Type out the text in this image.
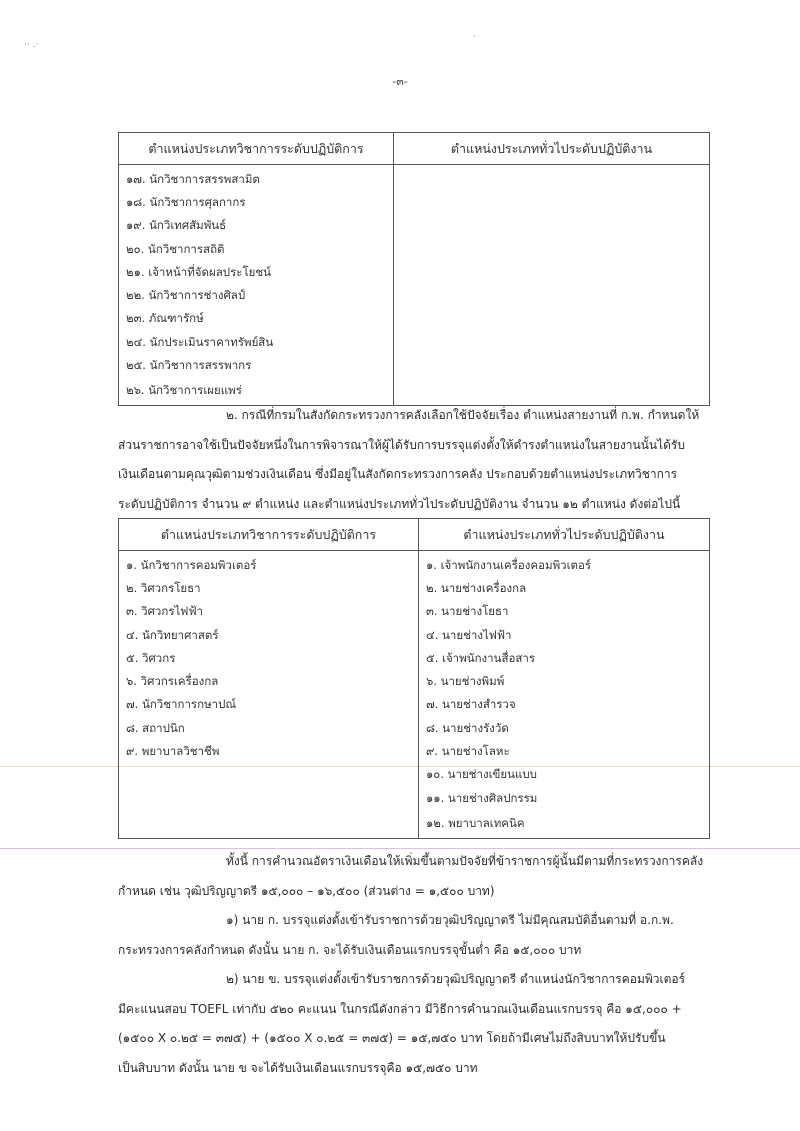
·· .·
·
-๓-
ตำแหน่งประเภทวิชาการระดับปฏิบัติการ	ตำแหน่งประเภททั่วไประดับปฏิบัติงาน
๑๗. นักวิชาการสรรพสามิต	
๑๘. นักวิชาการศุลกากร	
๑๙. นักวิเทศสัมพันธ์	
๒๐. นักวิชาการสถิติ	
๒๑. เจ้าหน้าที่จัดผลประโยชน์	
๒๒. นักวิชาการช่างศิลป์	
๒๓. ภัณฑารักษ์	
๒๔. นักประเมินราคาทรัพย์สิน	
๒๕. นักวิชาการสรรพากร	
๒๖. นักวิชาการเผยแพร่	

๒. กรณีที่กรมในสังกัดกระทรวงการคลังเลือกใช้ปัจจัยเรื่อง ตำแหน่งสายงานที่ ก.พ. กำหนดให้

ส่วนราชการอาจใช้เป็นปัจจัยหนึ่งในการพิจารณาให้ผู้ได้รับการบรรจุแต่งตั้งให้ดำรงตำแหน่งในสายงานนั้นได้รับ

เงินเดือนตามคุณวุฒิตามช่วงเงินเดือน ซึ่งมีอยู่ในสังกัดกระทรวงการคลัง ประกอบด้วยตำแหน่งประเภทวิชาการ

ระดับปฏิบัติการ จำนวน ๙ ตำแหน่ง และตำแหน่งประเภททั่วไประดับปฏิบัติงาน จำนวน ๑๒ ตำแหน่ง ดังต่อไปนี้

ตำแหน่งประเภทวิชาการระดับปฏิบัติการ	ตำแหน่งประเภททั่วไประดับปฏิบัติงาน
๑. นักวิชาการคอมพิวเตอร์	๑. เจ้าพนักงานเครื่องคอมพิวเตอร์
๒. วิศวกรโยธา	๒. นายช่างเครื่องกล
๓. วิศวกรไฟฟ้า	๓. นายช่างโยธา
๔. นักวิทยาศาสตร์	๔. นายช่างไฟฟ้า
๕. วิศวกร	๕. เจ้าพนักงานสื่อสาร
๖. วิศวกรเครื่องกล	๖. นายช่างพิมพ์
๗. นักวิชาการกษาปณ์	๗. นายช่างสำรวจ
๘. สถาปนิก	๘. นายช่างรังวัด
๙. พยาบาลวิชาชีพ	๙. นายช่างโลหะ
	๑๐. นายช่างเขียนแบบ
	๑๑. นายช่างศิลปกรรม
	๑๒. พยาบาลเทคนิค

ทั้งนี้ การคำนวณอัตราเงินเดือนให้เพิ่มขึ้นตามปัจจัยที่ข้าราชการผู้นั้นมีตามที่กระทรวงการคลัง

กำหนด เช่น วุฒิปริญญาตรี ๑๕,๐๐๐ – ๑๖,๕๐๐ (ส่วนต่าง = ๑,๕๐๐ บาท)

๑) นาย ก. บรรจุแต่งตั้งเข้ารับราชการด้วยวุฒิปริญญาตรี ไม่มีคุณสมบัติอื่นตามที่ อ.ก.พ.

กระทรวงการคลังกำหนด ดังนั้น นาย ก. จะได้รับเงินเดือนแรกบรรจุขั้นต่ำ คือ ๑๕,๐๐๐ บาท

๒) นาย ข. บรรจุแต่งตั้งเข้ารับราชการด้วยวุฒิปริญญาตรี ตำแหน่งนักวิชาการคอมพิวเตอร์

มีคะแนนสอบ TOEFL เท่ากับ ๕๒๐ คะแนน ในกรณีดังกล่าว มีวิธีการคำนวณเงินเดือนแรกบรรจุ คือ ๑๕,๐๐๐ +

(๑๕๐๐ X ๐.๒๕ = ๓๗๕) + (๑๕๐๐ X ๐.๒๕ = ๓๗๕) = ๑๕,๗๕๐ บาท โดยถ้ามีเศษไม่ถึงสิบบาทให้ปรับขึ้น

เป็นสิบบาท ดังนั้น นาย ข จะได้รับเงินเดือนแรกบรรจุคือ ๑๕,๗๕๐ บาท
